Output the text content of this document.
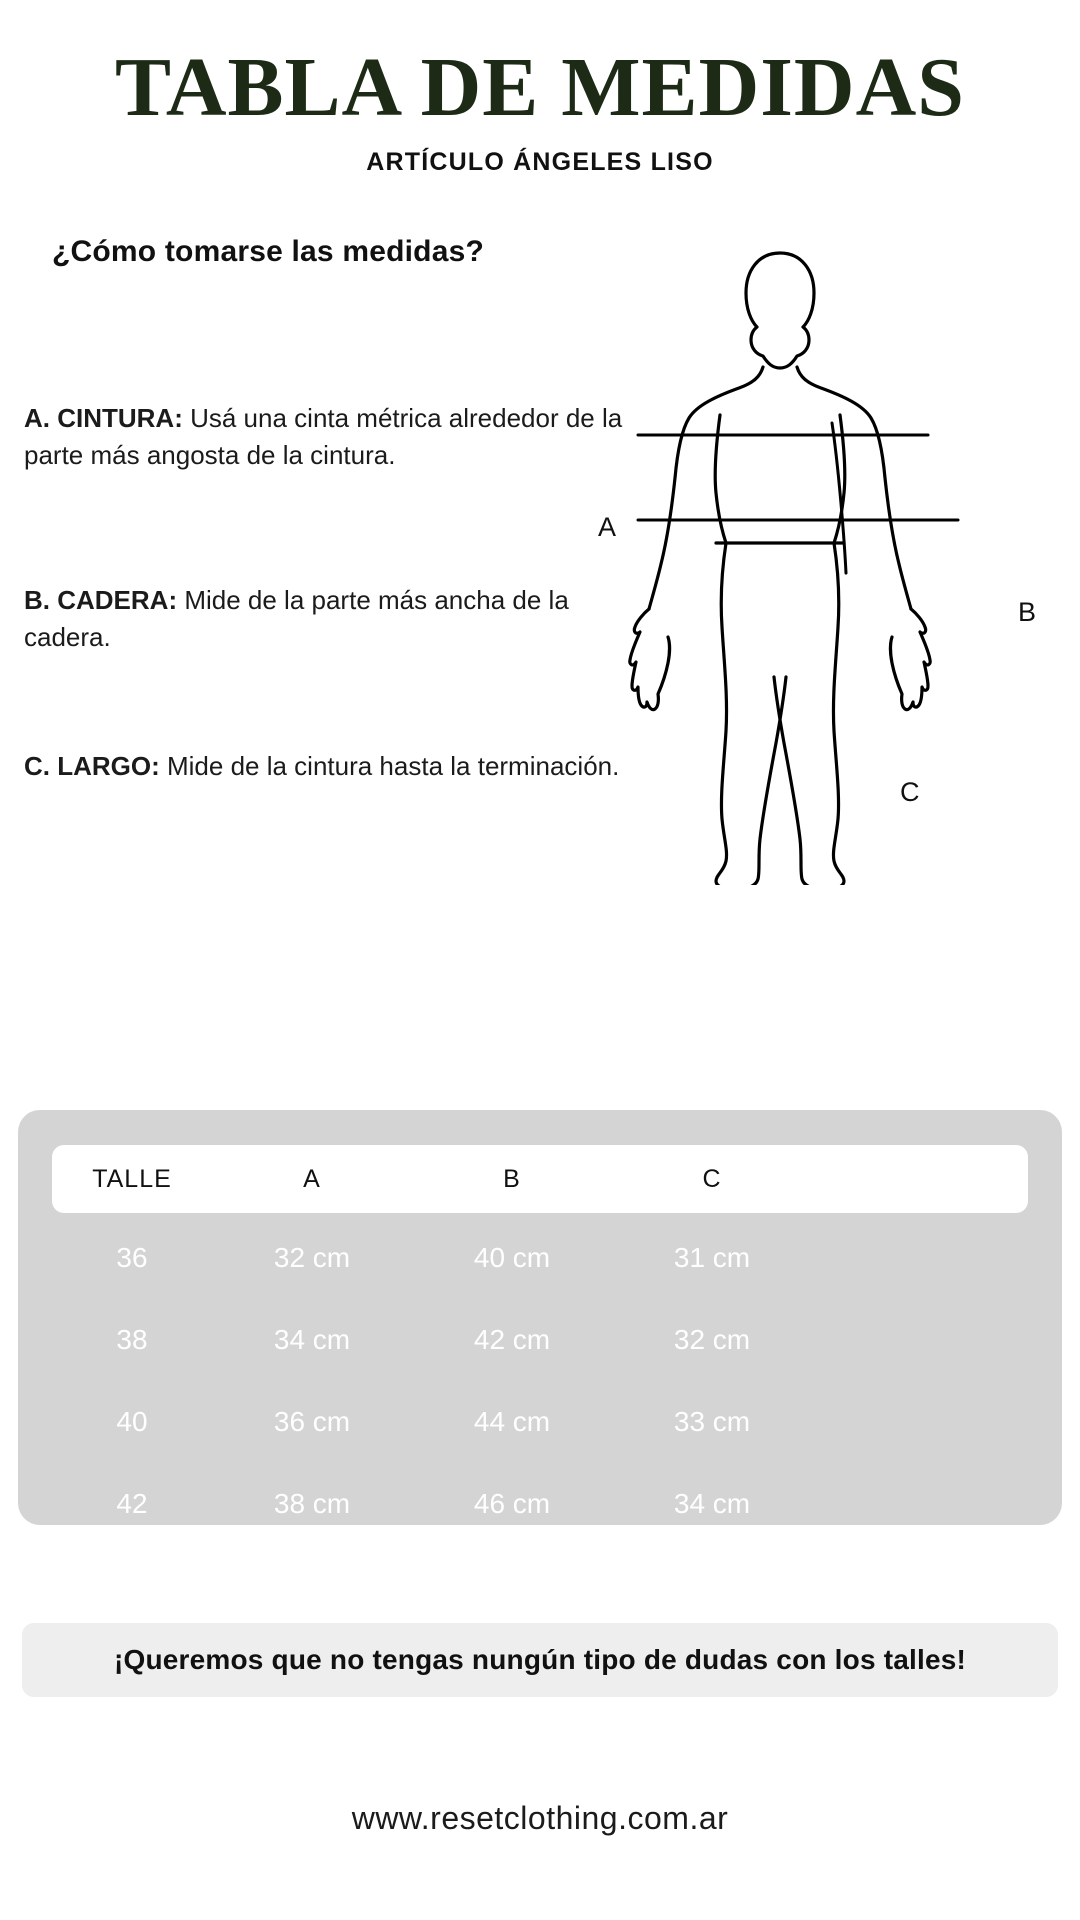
TABLA DE MEDIDAS
ARTÍCULO ÁNGELES LISO
¿Cómo tomarse las medidas?
A. CINTURA: Usá una cinta métrica alrededor de la parte más angosta de la cintura.
B. CADERA: Mide de la parte más ancha de la cadera.
C. LARGO: Mide de la cintura hasta la terminación.
A
B
C
TALLE	A	B	C
36	32 cm	40 cm	31 cm
38	34 cm	42 cm	32 cm
40	36 cm	44 cm	33 cm
42	38 cm	46 cm	34 cm
¡Queremos que no tengas nungún tipo de dudas con los talles!
www.resetclothing.com.ar
